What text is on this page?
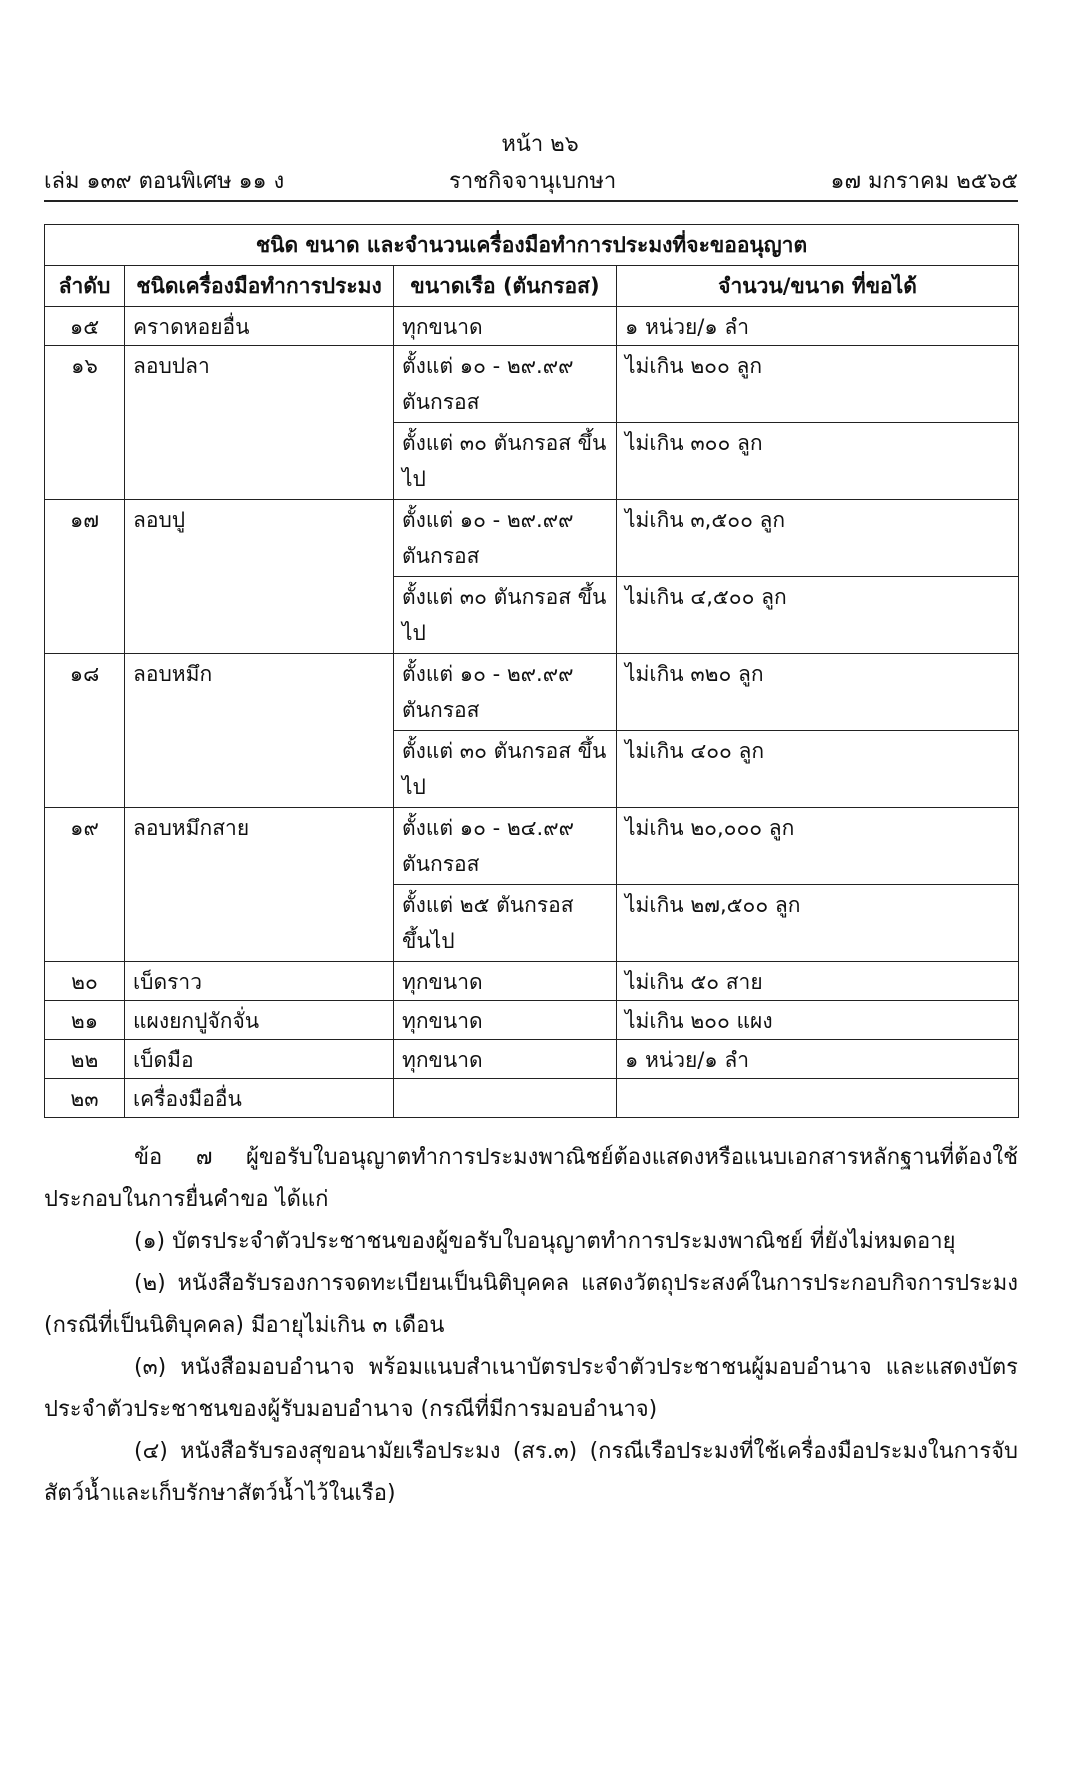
หน้า ๒๖
เล่ม ๑๓๙ ตอนพิเศษ ๑๑ ง	ราชกิจจานุเบกษา	๑๗ มกราคม ๒๕๖๕
ชนิด ขนาด และจำนวนเครื่องมือทำการประมงที่จะขออนุญาต			
ลำดับ	ชนิดเครื่องมือทำการประมง	ขนาดเรือ (ตันกรอส)	จำนวน/ขนาด ที่ขอได้
๑๕	คราดหอยอื่น	ทุกขนาด	๑ หน่วย/๑ ลำ
๑๖	ลอบปลา	ตั้งแต่ ๑๐ - ๒๙.๙๙ ตันกรอส	ไม่เกิน ๒๐๐ ลูก
		ตั้งแต่ ๓๐ ตันกรอส ขึ้นไป	ไม่เกิน ๓๐๐ ลูก
๑๗	ลอบปู	ตั้งแต่ ๑๐ - ๒๙.๙๙ ตันกรอส	ไม่เกิน ๓,๕๐๐ ลูก
		ตั้งแต่ ๓๐ ตันกรอส ขึ้นไป	ไม่เกิน ๔,๕๐๐ ลูก
๑๘	ลอบหมึก	ตั้งแต่ ๑๐ - ๒๙.๙๙ ตันกรอส	ไม่เกิน ๓๒๐ ลูก
		ตั้งแต่ ๓๐ ตันกรอส ขึ้นไป	ไม่เกิน ๔๐๐ ลูก
๑๙	ลอบหมึกสาย	ตั้งแต่ ๑๐ - ๒๔.๙๙ ตันกรอส	ไม่เกิน ๒๐,๐๐๐ ลูก
		ตั้งแต่ ๒๕ ตันกรอส ขึ้นไป	ไม่เกิน ๒๗,๕๐๐ ลูก
๒๐	เบ็ดราว	ทุกขนาด	ไม่เกิน ๕๐ สาย
๒๑	แผงยกปูจักจั่น	ทุกขนาด	ไม่เกิน ๒๐๐ แผง
๒๒	เบ็ดมือ	ทุกขนาด	๑ หน่วย/๑ ลำ
๒๓	เครื่องมืออื่น		

ข้อ ๗ ผู้ขอรับใบอนุญาตทำการประมงพาณิชย์ต้องแสดงหรือแนบเอกสารหลักฐานที่ต้องใช้ประกอบในการยื่นคำขอ ได้แก่

(๑) บัตรประจำตัวประชาชนของผู้ขอรับใบอนุญาตทำการประมงพาณิชย์ ที่ยังไม่หมดอายุ

(๒) หนังสือรับรองการจดทะเบียนเป็นนิติบุคคล แสดงวัตถุประสงค์ในการประกอบกิจการประมง (กรณีที่เป็นนิติบุคคล) มีอายุไม่เกิน ๓ เดือน

(๓) หนังสือมอบอำนาจ พร้อมแนบสำเนาบัตรประจำตัวประชาชนผู้มอบอำนาจ และแสดงบัตรประจำตัวประชาชนของผู้รับมอบอำนาจ (กรณีที่มีการมอบอำนาจ)

(๔) หนังสือรับรองสุขอนามัยเรือประมง (สร.๓) (กรณีเรือประมงที่ใช้เครื่องมือประมงในการจับสัตว์น้ำและเก็บรักษาสัตว์น้ำไว้ในเรือ)
